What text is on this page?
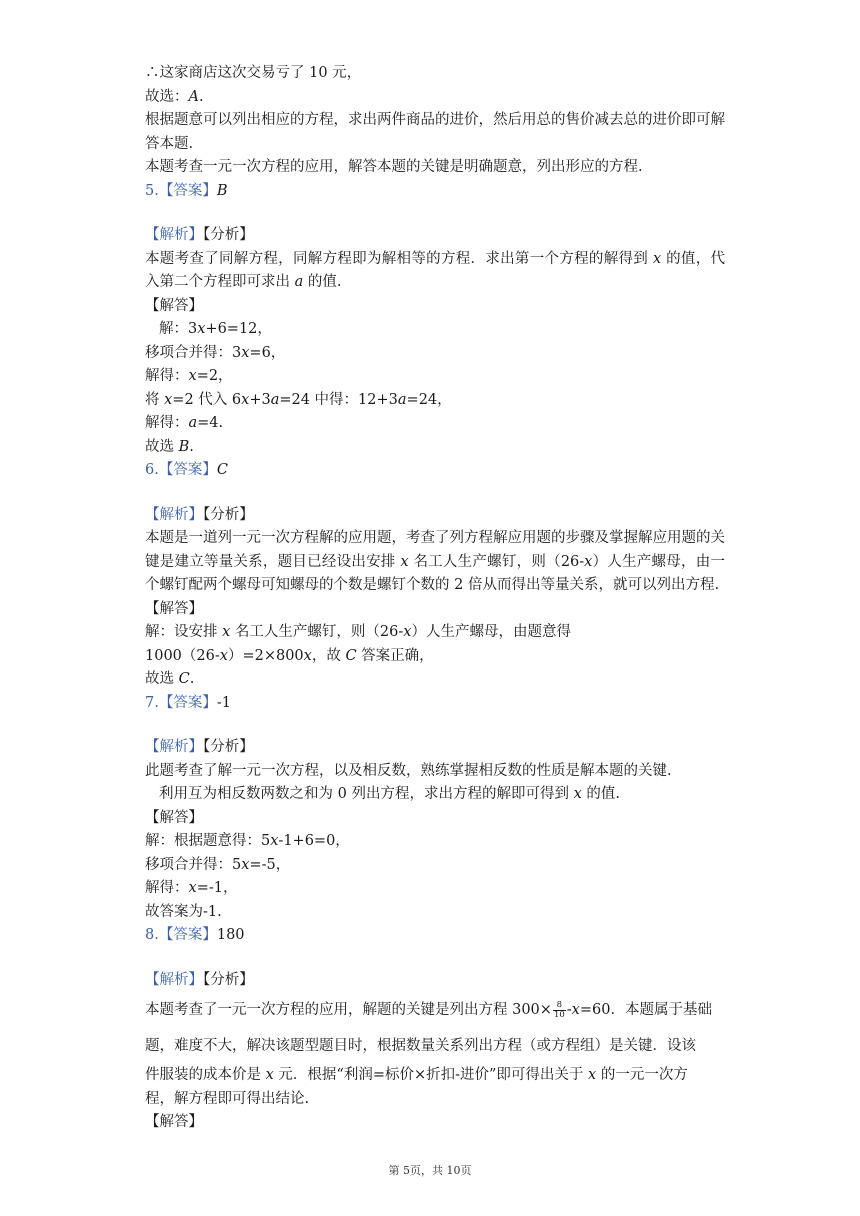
∴这家商店这次交易亏了 10 元，
故选：A.
根据题意可以列出相应的方程，求出两件商品的进价，然后用总的售价减去总的进价即可解答本题.
本题考查一元一次方程的应用，解答本题的关键是明确题意，列出形应的方程.
5.【答案】B
【解析】【分析】
本题考查了同解方程，同解方程即为解相等的方程．求出第一个方程的解得到 x 的值，代入第二个方程即可求出 a 的值.
【解答】
解：3x+6=12，
移项合并得：3x=6，
解得：x=2，
将 x=2 代入 6x+3a=24 中得：12+3a=24，
解得：a=4.
故选 B.
6.【答案】C
【解析】【分析】
本题是一道列一元一次方程解的应用题，考查了列方程解应用题的步骤及掌握解应用题的关键是建立等量关系，题目已经设出安排 x 名工人生产螺钉，则（26-x）人生产螺母，由一个螺钉配两个螺母可知螺母的个数是螺钉个数的 2 倍从而得出等量关系，就可以列出方程.
【解答】
解：设安排 x 名工人生产螺钉，则（26-x）人生产螺母，由题意得
1000（26-x）=2×800x，故 C 答案正确，
故选 C.
7.【答案】-1
【解析】【分析】
此题考查了解一元一次方程，以及相反数，熟练掌握相反数的性质是解本题的关键.
利用互为相反数两数之和为 0 列出方程，求出方程的解即可得到 x 的值.
【解答】
解：根据题意得：5x-1+6=0，
移项合并得：5x=-5，
解得：x=-1，
故答案为-1.
8.【答案】180
【解析】【分析】
本题考查了一元一次方程的应用，解题的关键是列出方程 $300\times \frac{8}{10} -x=60$．本题属于基础
题，难度不大，解决该题型题目时，根据数量关系列出方程（或方程组）是关键．设该
件服装的成本价是 x 元．根据“利润=标价×折扣-进价”即可得出关于 x 的一元一次方
程，解方程即可得出结论.
【解答】
第 5页，共 10页
